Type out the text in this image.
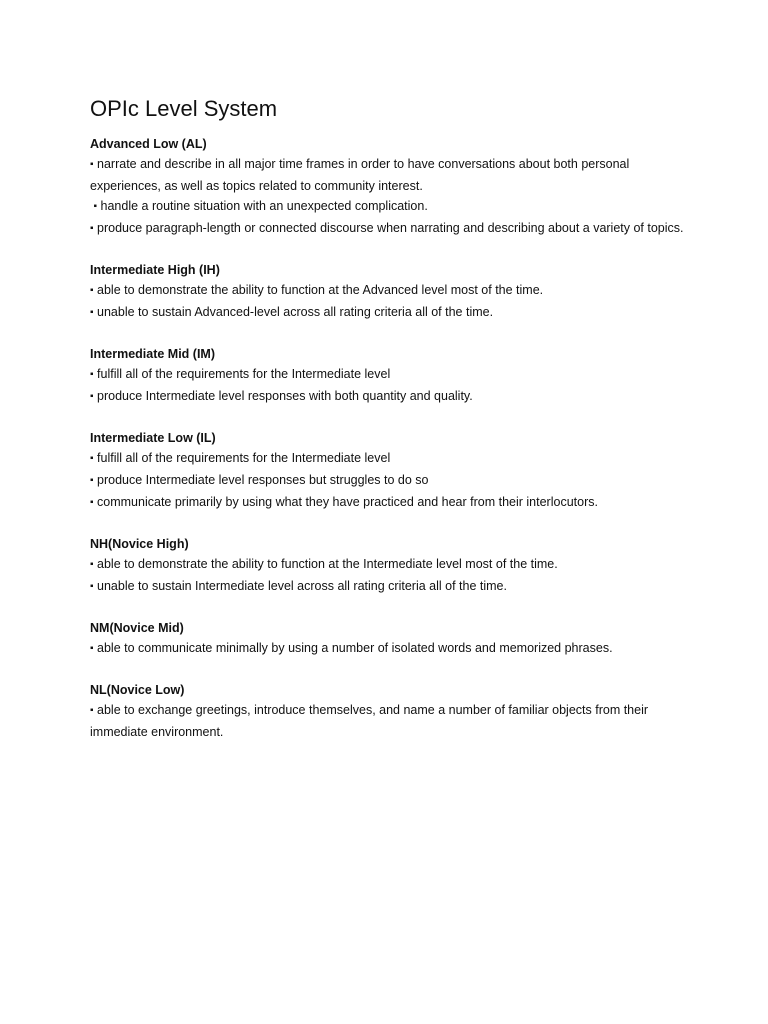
OPIc Level System
Advanced Low (AL)
▪ narrate and describe in all major time frames in order to have conversations about both personal experiences, as well as topics related to community interest.
▪ handle a routine situation with an unexpected complication.
▪ produce paragraph-length or connected discourse when narrating and describing about a variety of topics.
Intermediate High (IH)
▪ able to demonstrate the ability to function at the Advanced level most of the time.
▪ unable to sustain Advanced-level across all rating criteria all of the time.
Intermediate Mid (IM)
▪ fulfill all of the requirements for the Intermediate level
▪ produce Intermediate level responses with both quantity and quality.
Intermediate Low (IL)
▪ fulfill all of the requirements for the Intermediate level
▪ produce Intermediate level responses but struggles to do so
▪ communicate primarily by using what they have practiced and hear from their interlocutors.
NH(Novice High)
▪ able to demonstrate the ability to function at the Intermediate level most of the time.
▪ unable to sustain Intermediate level across all rating criteria all of the time.
NM(Novice Mid)
▪ able to communicate minimally by using a number of isolated words and memorized phrases.
NL(Novice Low)
▪ able to exchange greetings, introduce themselves, and name a number of familiar objects from their immediate environment.
